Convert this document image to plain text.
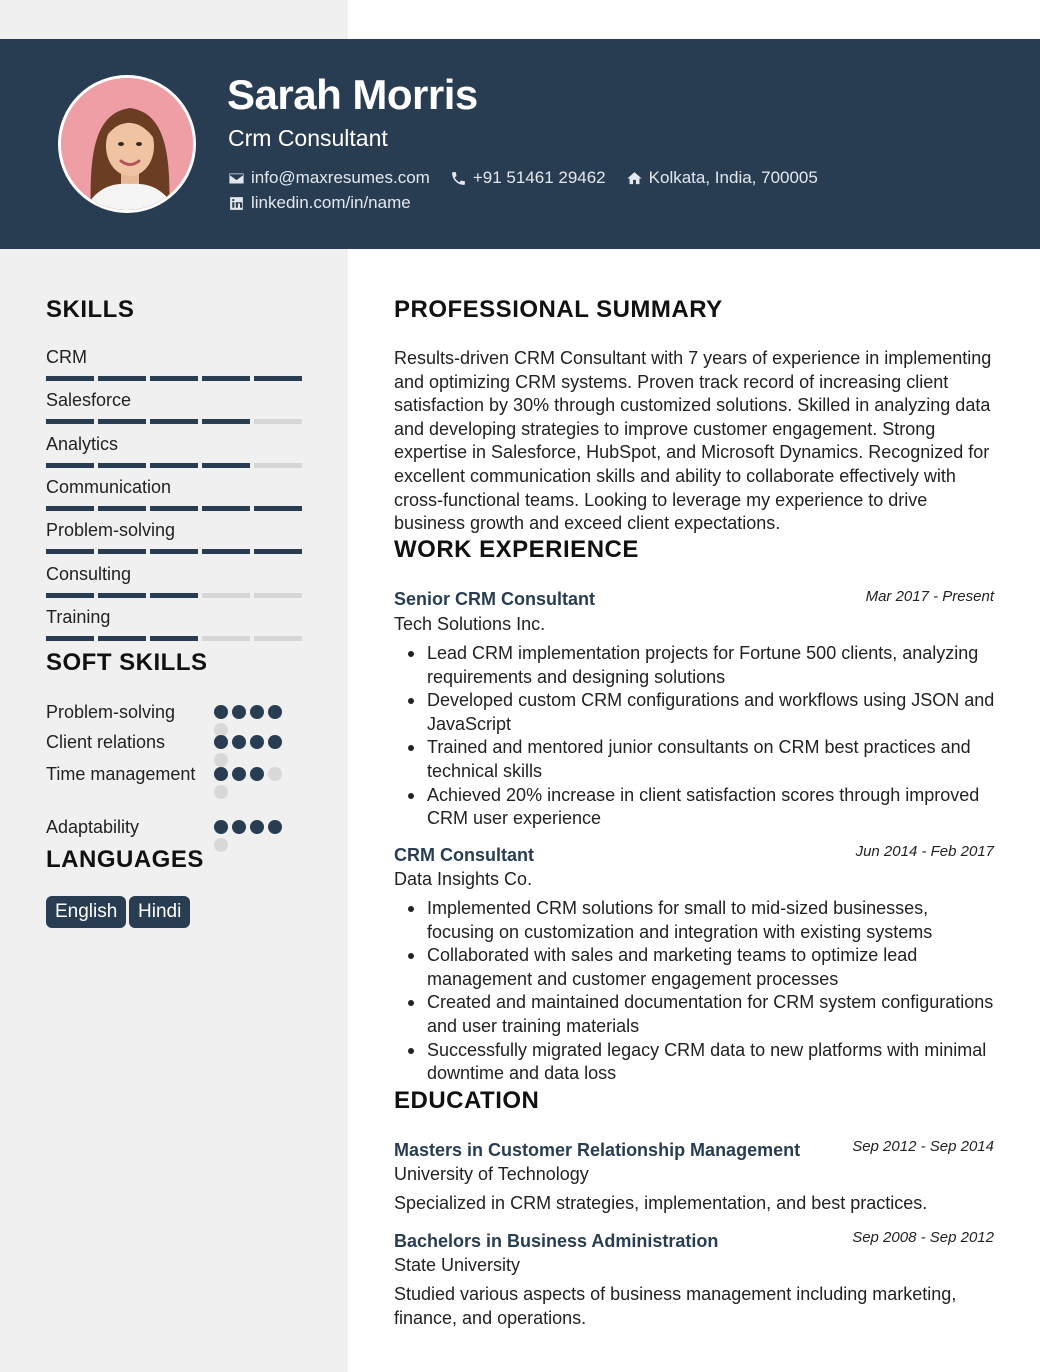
Sarah Morris
Crm Consultant
info@maxresumes.com	+91 51461 29462	Kolkata, India, 700005
linkedin.com/in/name
SKILLS
CRM
Salesforce
Analytics
Communication
Problem-solving
Consulting
Training
SOFT SKILLS
Problem-solving
Client relations
Time management
Adaptability
LANGUAGES
English	Hindi
PROFESSIONAL SUMMARY
Results-driven CRM Consultant with 7 years of experience in implementing and optimizing CRM systems. Proven track record of increasing client satisfaction by 30% through customized solutions. Skilled in analyzing data and developing strategies to improve customer engagement. Strong expertise in Salesforce, HubSpot, and Microsoft Dynamics. Recognized for excellent communication skills and ability to collaborate effectively with cross-functional teams. Looking to leverage my experience to drive business growth and exceed client expectations.
WORK EXPERIENCE
Senior CRM Consultant	Mar 2017 - Present
Tech Solutions Inc.
Lead CRM implementation projects for Fortune 500 clients, analyzing requirements and designing solutions
Developed custom CRM configurations and workflows using JSON and JavaScript
Trained and mentored junior consultants on CRM best practices and technical skills
Achieved 20% increase in client satisfaction scores through improved CRM user experience
CRM Consultant	Jun 2014 - Feb 2017
Data Insights Co.
Implemented CRM solutions for small to mid-sized businesses, focusing on customization and integration with existing systems
Collaborated with sales and marketing teams to optimize lead management and customer engagement processes
Created and maintained documentation for CRM system configurations and user training materials
Successfully migrated legacy CRM data to new platforms with minimal downtime and data loss
EDUCATION
Masters in Customer Relationship Management	Sep 2012 - Sep 2014
University of Technology
Specialized in CRM strategies, implementation, and best practices.
Bachelors in Business Administration	Sep 2008 - Sep 2012
State University
Studied various aspects of business management including marketing, finance, and operations.
